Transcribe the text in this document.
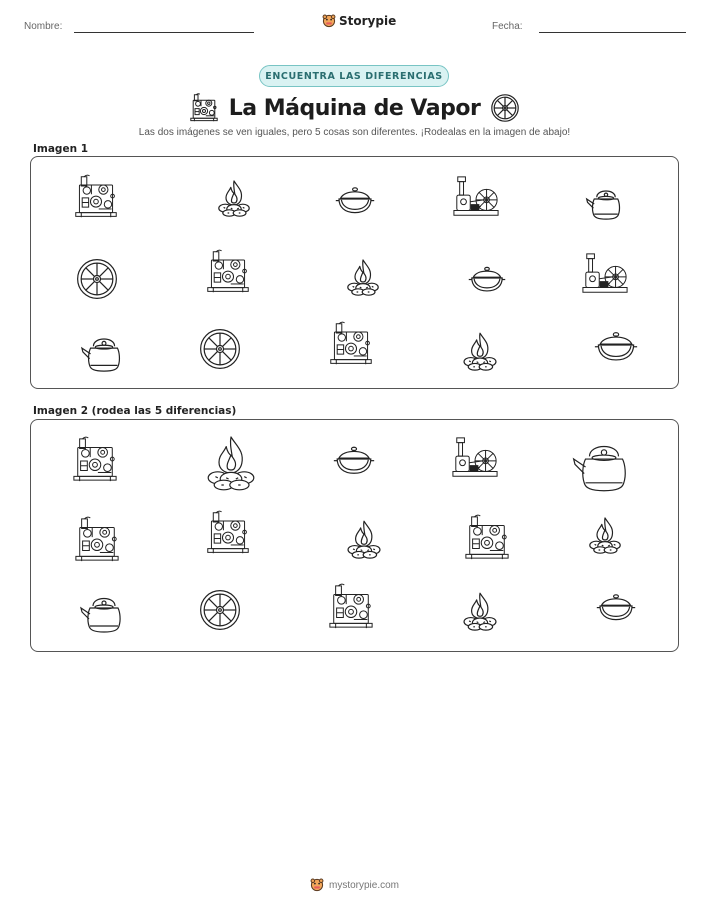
Nombre:	Storypie	Fecha:
ENCUENTRA LAS DIFERENCIAS
La Máquina de Vapor
Las dos imágenes se ven iguales, pero 5 cosas son diferentes. ¡Rodealas en la imagen de abajo!
Imagen 1
Imagen 2 (rodea las 5 diferencias)
mystorypie.com
